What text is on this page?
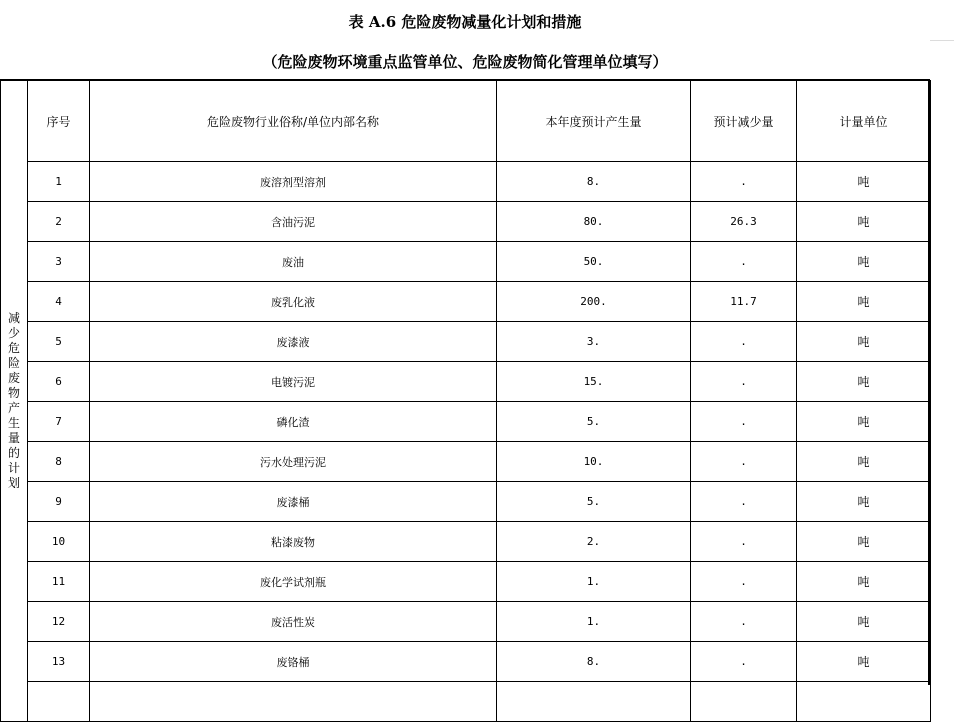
表 A.6 危险废物减量化计划和措施
（危险废物环境重点监管单位、危险废物简化管理单位填写）
减少危险废物产生量的计划	序号	危险废物行业俗称/单位内部名称	本年度预计产生量	预计减少量	计量单位
	1	废溶剂型溶剂	8.	.	吨
	2	含油污泥	80.	26.3	吨
	3	废油	50.	.	吨
	4	废乳化液	200.	11.7	吨
	5	废漆液	3.	.	吨
	6	电镀污泥	15.	.	吨
	7	磷化渣	5.	.	吨
	8	污水处理污泥	10.	.	吨
	9	废漆桶	5.	.	吨
	10	粘漆废物	2.	.	吨
	11	废化学试剂瓶	1.	.	吨
	12	废活性炭	1.	.	吨
	13	废铬桶	8.	.	吨
